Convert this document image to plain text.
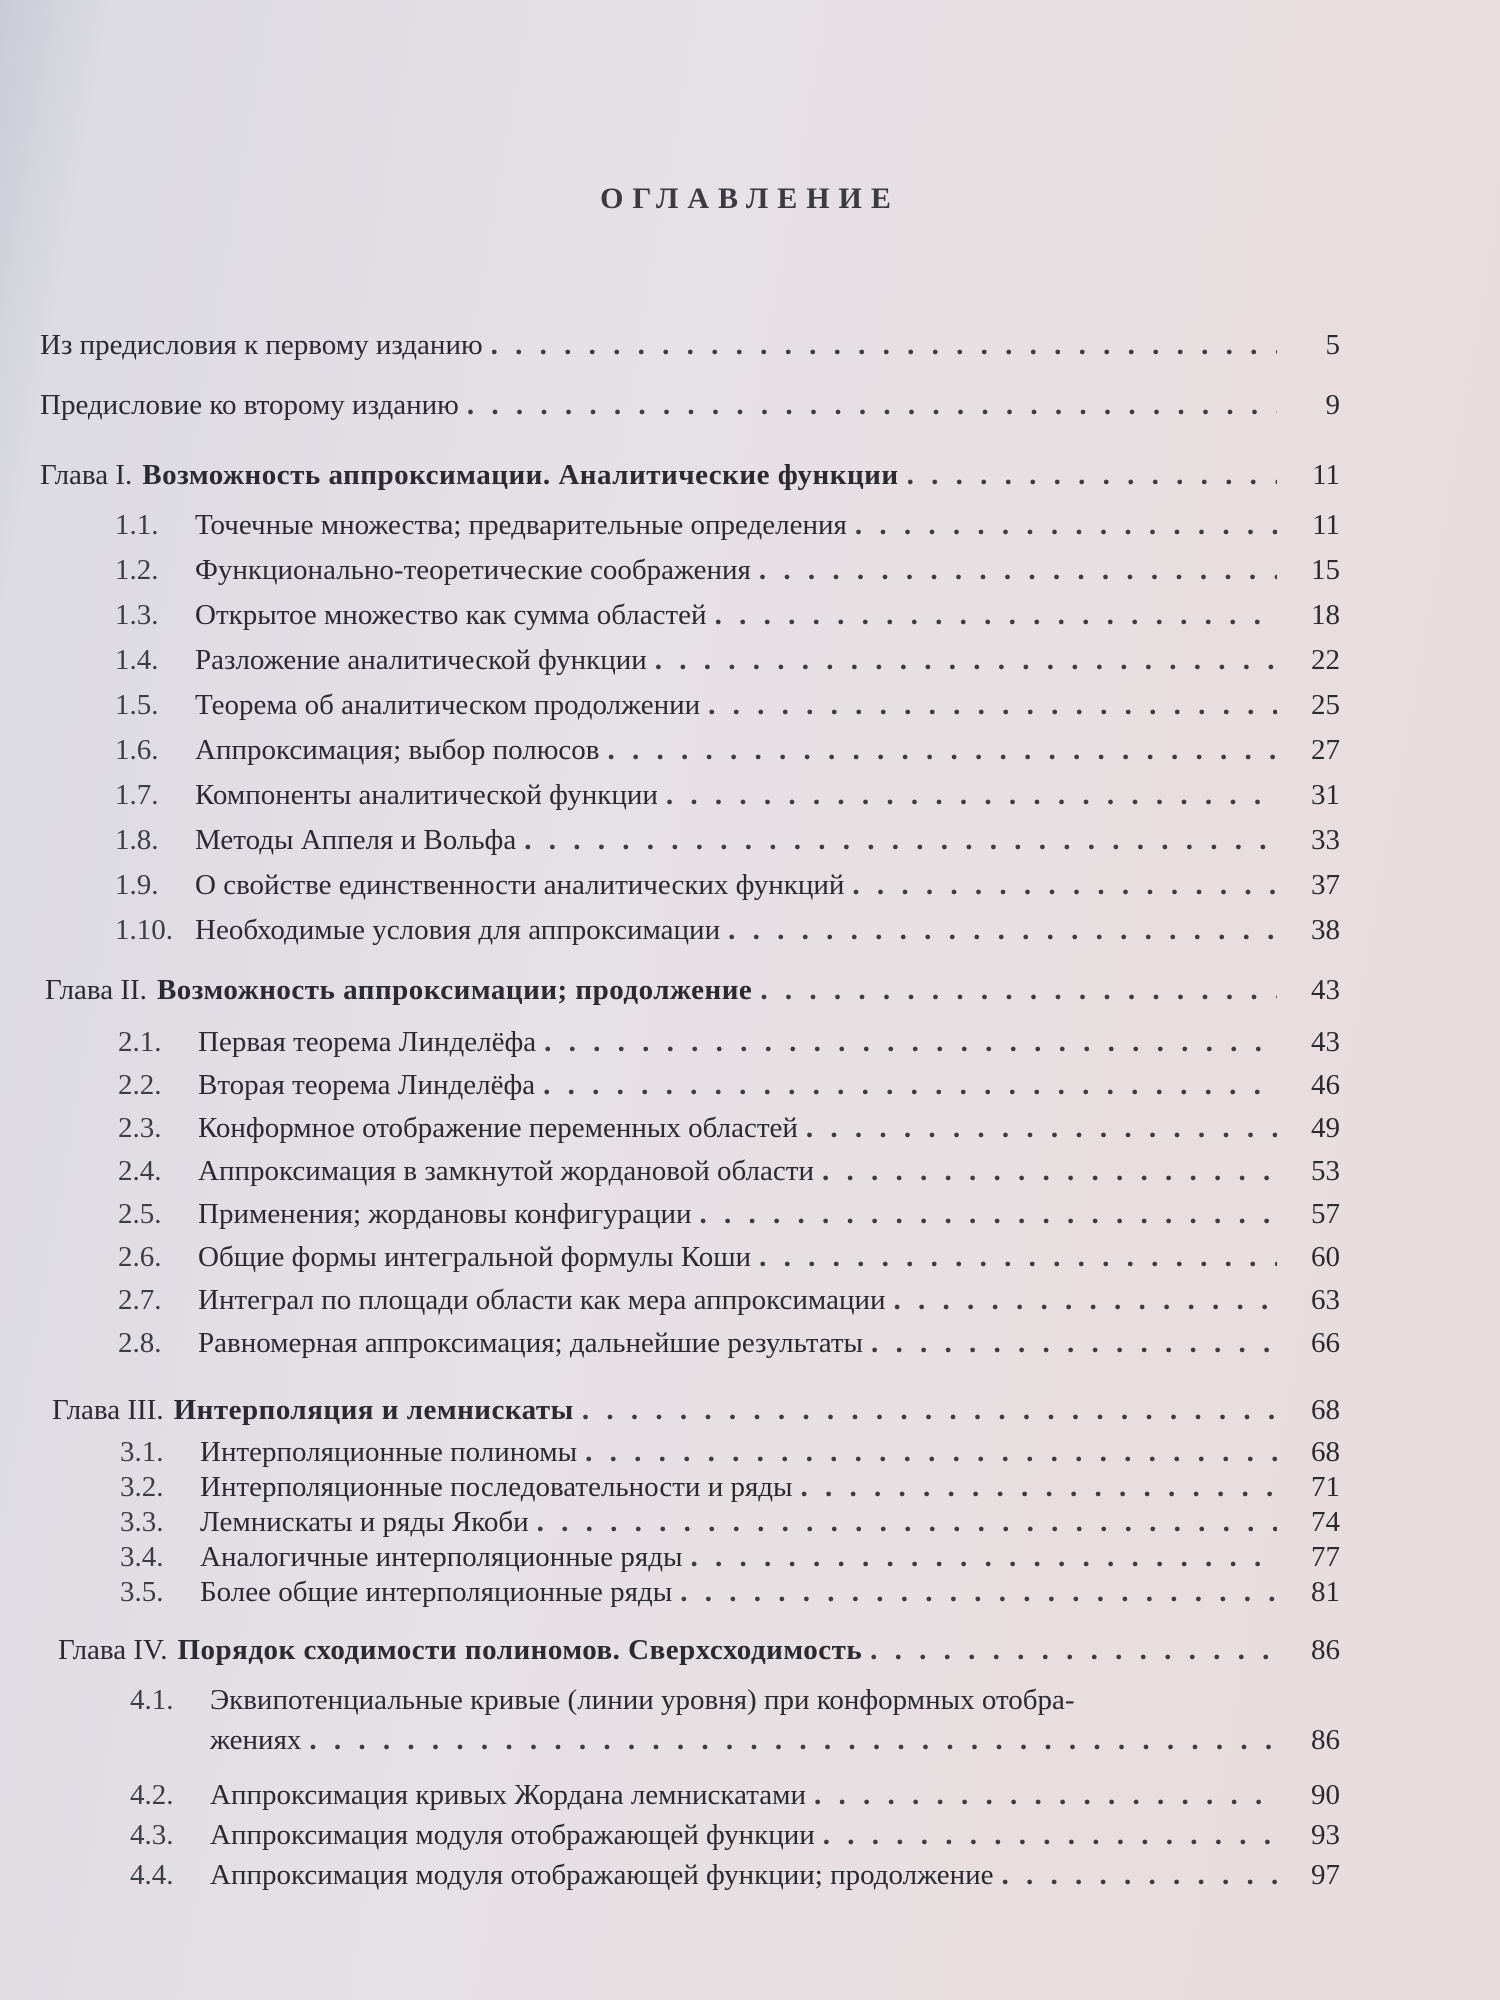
ОГЛАВЛЕНИЕ
Из предисловия к первому изданию . . .	5
Предисловие ко второму изданию . . .	9
Глава I. Возможность аппроксимации. Аналитические функции . . .	11
1.1.	Точечные множества; предварительные определения . . .	11
1.2.	Функционально-теоретические соображения . . .	15
1.3.	Открытое множество как сумма областей . . .	18
1.4.	Разложение аналитической функции . . .	22
1.5.	Теорема об аналитическом продолжении . . .	25
1.6.	Аппроксимация; выбор полюсов . . .	27
1.7.	Компоненты аналитической функции . . .	31
1.8.	Методы Аппеля и Вольфа . . .	33
1.9.	О свойстве единственности аналитических функций . . .	37
1.10. Необходимые условия для аппроксимации . . .	38
Глава II. Возможность аппроксимации; продолжение . . .	43
2.1.	Первая теорема Линделёфа . . .	43
2.2.	Вторая теорема Линделёфа . . .	46
2.3.	Конформное отображение переменных областей . . .	49
2.4.	Аппроксимация в замкнутой жордановой области . . .	53
2.5.	Применения; жордановы конфигурации . . .	57
2.6.	Общие формы интегральной формулы Коши . . .	60
2.7.	Интеграл по площади области как мера аппроксимации . . .	63
2.8.	Равномерная аппроксимация; дальнейшие результаты . . .	66
Глава III. Интерполяция и лемнискаты . . .	68
3.1.	Интерполяционные полиномы . . .	68
3.2.	Интерполяционные последовательности и ряды . . .	71
3.3.	Лемнискаты и ряды Якоби . . .	74
3.4.	Аналогичные интерполяционные ряды . . .	77
3.5.	Более общие интерполяционные ряды . . .	81
Глава IV. Порядок сходимости полиномов. Сверхсходимость . . .	86
4.1.	Эквипотенциальные кривые (линии уровня) при конформных отобра-
жениях . . .	86
4.2.	Аппроксимация кривых Жордана лемнискатами . . .	90
4.3.	Аппроксимация модуля отображающей функции . . .	93
4.4.	Аппроксимация модуля отображающей функции; продолжение . . .	97
